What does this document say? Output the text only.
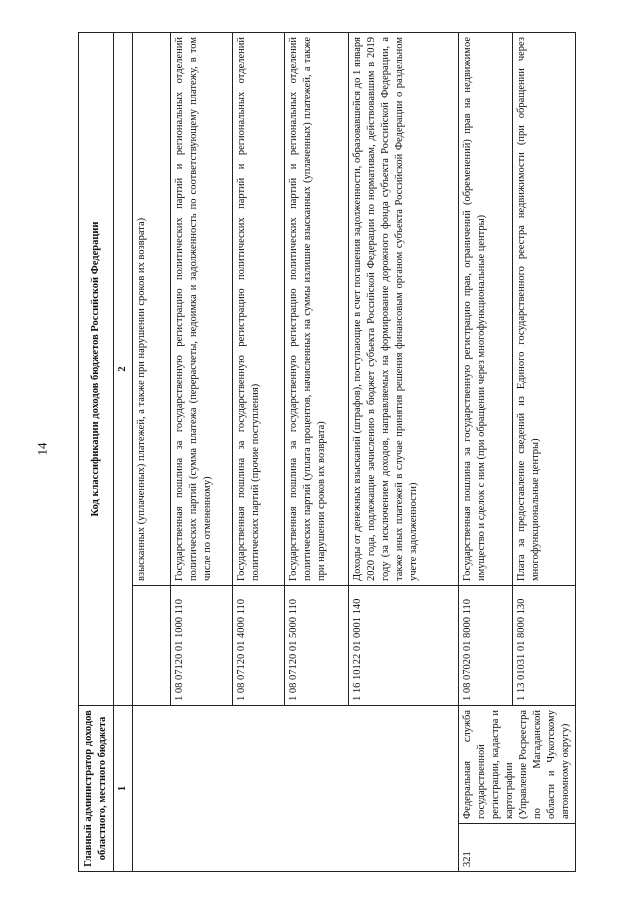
14
Главный администратор доходов областного, местного бюджета		Код классификации доходов бюджетов Российской Федерации	
1		2	
			взысканных (уплаченных) платежей, а также при нарушении сроков их возврата)
		1 08 07120 01 1000 110	Государственная пошлина за государственную регистрацию политических партий и региональных отделений политических партий (сумма платежа (перерасчеты, недоимка и задолженность по соответствующему платежу, в том числе по отмененному)
		1 08 07120 01 4000 110	Государственная пошлина за государственную регистрацию политических партий и региональных отделений политических партий (прочие поступления)
		1 08 07120 01 5000 110	Государственная пошлина за государственную регистрацию политических партий и региональных отделений политических партий (уплата процентов, начисленных на суммы излишне взысканных (уплаченных) платежей, а также при нарушении сроков их возврата)
		1 16 10122 01 0001 140	Доходы от денежных взысканий (штрафов), поступающие в счет погашения задолженности, образовавшейся до 1 января 2020 года, подлежащие зачислению в бюджет субъекта Российской Федерации по нормативам, действовавшим в 2019 году (за исключением доходов, направляемых на формирование дорожного фонда субъекта Российской Федерации, а также иных платежей в случае принятия решения финансовым органом субъекта Российской Федерации о раздельном учете задолженности)
321	Федеральная служба государственной регистрации, кадастра и картографии (Управление Росреестра по Магаданской области и Чукотскому автономному округу)	1 08 07020 01 8000 110	Государственная пошлина за государственную регистрацию прав, ограничений (обременений) прав на недвижимое имущество и сделок с ним (при обращении через многофункциональные центры)
		1 13 01031 01 8000 130	Плата за предоставление сведений из Единого государственного реестра недвижимости (при обращении через многофункциональные центры)
